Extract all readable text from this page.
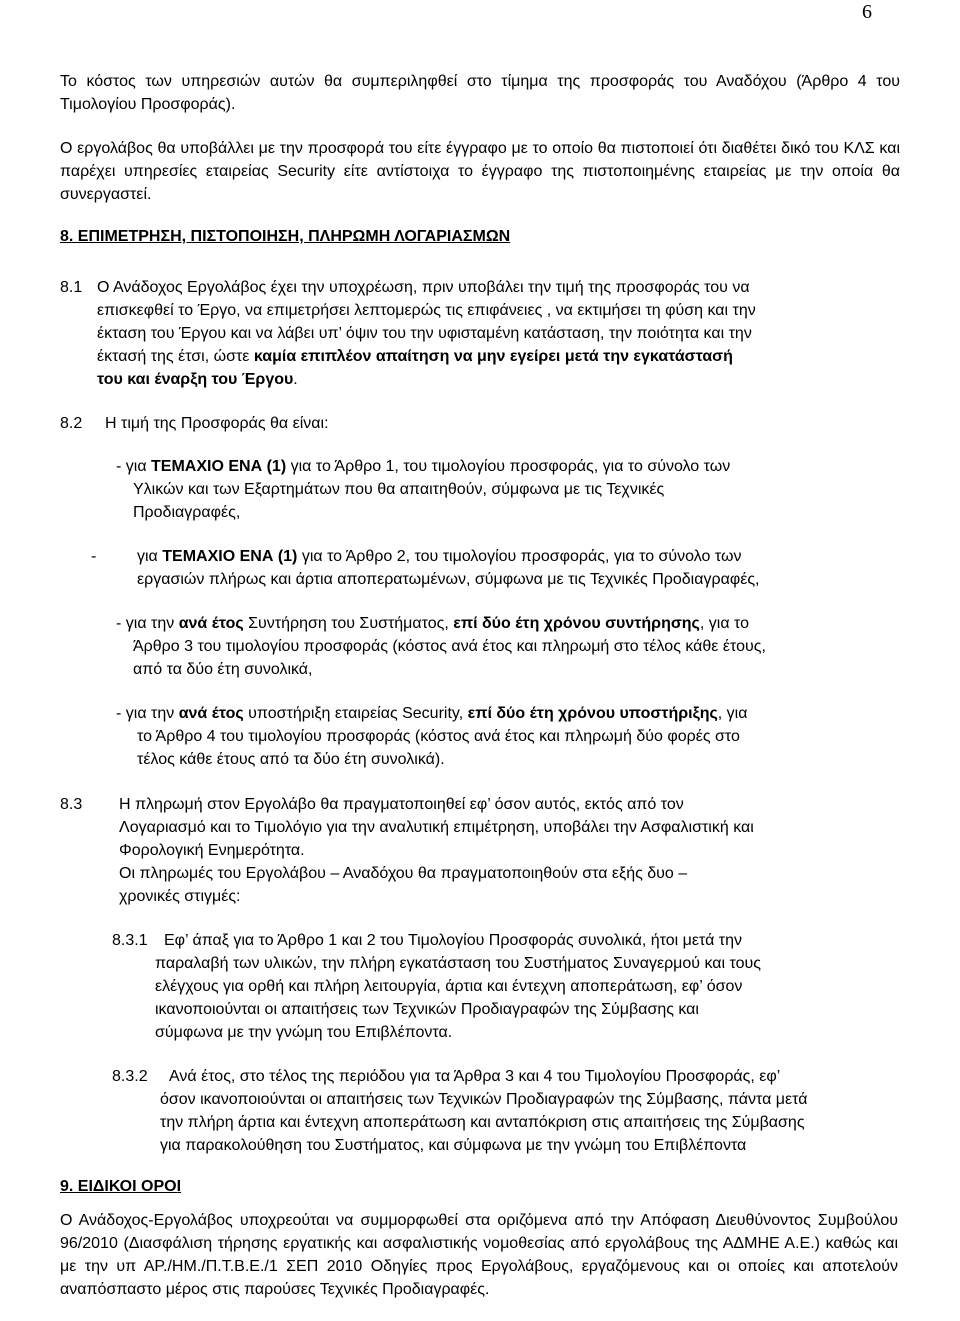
6
Το κόστος των υπηρεσιών αυτών θα συμπεριληφθεί στο τίμημα της προσφοράς του Αναδόχου (Άρθρο 4 του Τιμολογίου Προσφοράς).
Ο εργολάβος θα υποβάλλει με την προσφορά του είτε έγγραφο με το οποίο θα πιστοποιεί ότι διαθέτει δικό του ΚΛΣ και παρέχει υπηρεσίες εταιρείας Security είτε αντίστοιχα το έγγραφο της πιστοποιημένης εταιρείας με την οποία θα συνεργαστεί.
8. ΕΠΙΜΕΤΡΗΣΗ, ΠΙΣΤΟΠΟΙΗΣΗ, ΠΛΗΡΩΜΗ ΛΟΓΑΡΙΑΣΜΩΝ
8.1 Ο Ανάδοχος Εργολάβος έχει την υποχρέωση, πριν υποβάλει την τιμή της προσφοράς του να
επισκεφθεί το Έργο, να επιμετρήσει λεπτομερώς τις επιφάνειες , να εκτιμήσει τη φύση και την
έκταση του Έργου και να λάβει υπ’ όψιν του την υφισταμένη κατάσταση, την ποιότητα και την
έκτασή της έτσι, ώστε καμία επιπλέον απαίτηση να μην εγείρει μετά την εγκατάστασή
του και έναρξη του Έργου.
8.2 Η τιμή της Προσφοράς θα είναι:
- για ΤΕΜΑΧΙΟ ΕΝΑ (1) για το Άρθρο 1, του τιμολογίου προσφοράς, για το σύνολο των
Υλικών και των Εξαρτημάτων που θα απαιτηθούν, σύμφωνα με τις Τεχνικές
Προδιαγραφές,
-	για ΤΕΜΑΧΙΟ ΕΝΑ (1) για το Άρθρο 2, του τιμολογίου προσφοράς, για το σύνολο των
εργασιών πλήρως και άρτια αποπερατωμένων, σύμφωνα με τις Τεχνικές Προδιαγραφές,
- για την ανά έτος Συντήρηση του Συστήματος, επί δύο έτη χρόνου συντήρησης, για το
Άρθρο 3 του τιμολογίου προσφοράς (κόστος ανά έτος και πληρωμή στο τέλος κάθε έτους,
από τα δύο έτη συνολικά,
- για την ανά έτος υποστήριξη εταιρείας Security, επί δύο έτη χρόνου υποστήριξης, για
το Άρθρο 4 του τιμολογίου προσφοράς (κόστος ανά έτος και πληρωμή δύο φορές στο
τέλος κάθε έτους από τα δύο έτη συνολικά).
8.3 Η πληρωμή στον Εργολάβο θα πραγματοποιηθεί εφ’ όσον αυτός, εκτός από τον
Λογαριασμό και το Τιμολόγιο για την αναλυτική επιμέτρηση, υποβάλει την Ασφαλιστική και
Φορολογική Ενημερότητα.
Οι πληρωμές του Εργολάβου – Αναδόχου θα πραγματοποιηθούν στα εξής δυο –
χρονικές στιγμές:
8.3.1 Εφ’ άπαξ για το Άρθρο 1 και 2 του Τιμολογίου Προσφοράς συνολικά, ήτοι μετά την
παραλαβή των υλικών, την πλήρη εγκατάσταση του Συστήματος Συναγερμού και τους
ελέγχους για ορθή και πλήρη λειτουργία, άρτια και έντεχνη αποπεράτωση, εφ’ όσον
ικανοποιούνται οι απαιτήσεις των Τεχνικών Προδιαγραφών της Σύμβασης και
σύμφωνα με την γνώμη του Επιβλέποντα.
8.3.2 Ανά έτος, στο τέλος της περιόδου για τα Άρθρα 3 και 4 του Τιμολογίου Προσφοράς, εφ’
όσον ικανοποιούνται οι απαιτήσεις των Τεχνικών Προδιαγραφών της Σύμβασης, πάντα μετά
την πλήρη άρτια και έντεχνη αποπεράτωση και ανταπόκριση στις απαιτήσεις της Σύμβασης
για παρακολούθηση του Συστήματος, και σύμφωνα με την γνώμη του Επιβλέποντα
9. ΕΙΔΙΚΟΙ ΟΡΟΙ
Ο Ανάδοχος-Εργολάβος υποχρεούται να συμμορφωθεί στα οριζόμενα από την Απόφαση Διευθύνοντος Συμβούλου 96/2010 (Διασφάλιση τήρησης εργατικής και ασφαλιστικής νομοθεσίας από εργολάβους της ΑΔΜΗΕ Α.Ε.) καθώς και με την υπ ΑΡ./ΗΜ./Π.Τ.Β.Ε./1 ΣΕΠ 2010 Οδηγίες προς Εργολάβους, εργαζόμενους και οι οποίες και αποτελούν αναπόσπαστο μέρος στις παρούσες Τεχνικές Προδιαγραφές.
